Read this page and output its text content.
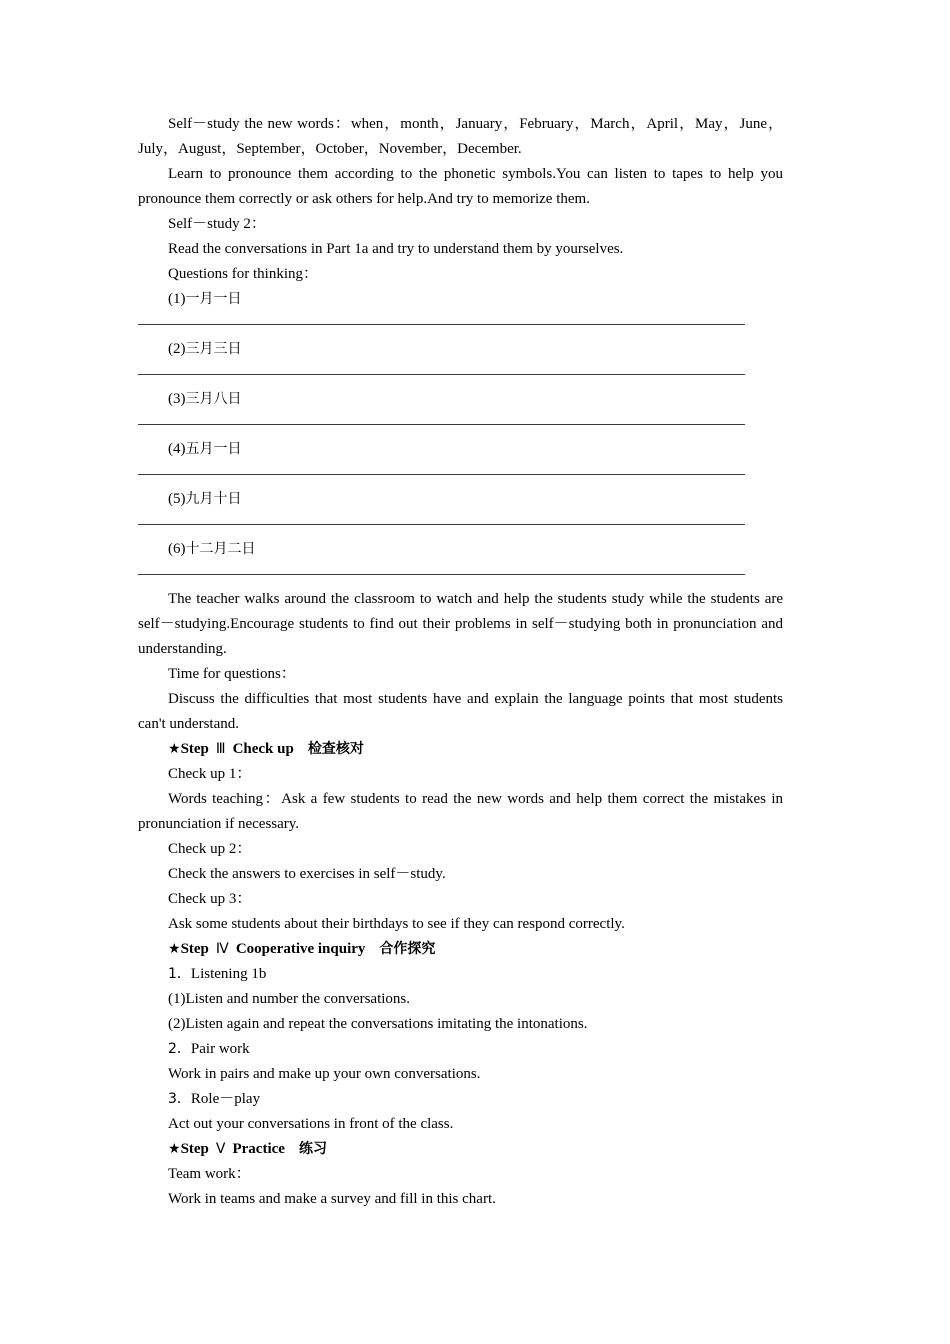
Self－study the new words：when，month，January，February，March，April，May，June，July，August，September，October，November，December.

Learn to pronounce them according to the phonetic symbols.You can listen to tapes to help you pronounce them correctly or ask others for help.And try to memorize them.

Self－study 2：

Read the conversations in Part 1a and try to understand them by yourselves.

Questions for thinking：

(1)一月一日

(2)三月三日

(3)三月八日

(4)五月一日

(5)九月十日

(6)十二月二日

The teacher walks around the classroom to watch and help the students study while the students are self－studying.Encourage students to find out their problems in self－studying both in pronunciation and understanding.

Time for questions：

Discuss the difficulties that most students have and explain the language points that most students can't understand.

★Step Ⅲ Check up 检查核对

Check up 1：

Words teaching：Ask a few students to read the new words and help them correct the mistakes in pronunciation if necessary.

Check up 2：

Check the answers to exercises in self－study.

Check up 3：

Ask some students about their birthdays to see if they can respond correctly.

★Step Ⅳ Cooperative inquiry 合作探究

1．Listening 1b

(1)Listen and number the conversations.

(2)Listen again and repeat the conversations imitating the intonations.

2．Pair work

Work in pairs and make up your own conversations.

3．Role－play

Act out your conversations in front of the class.

★Step Ⅴ Practice 练习

Team work：

Work in teams and make a survey and fill in this chart.
